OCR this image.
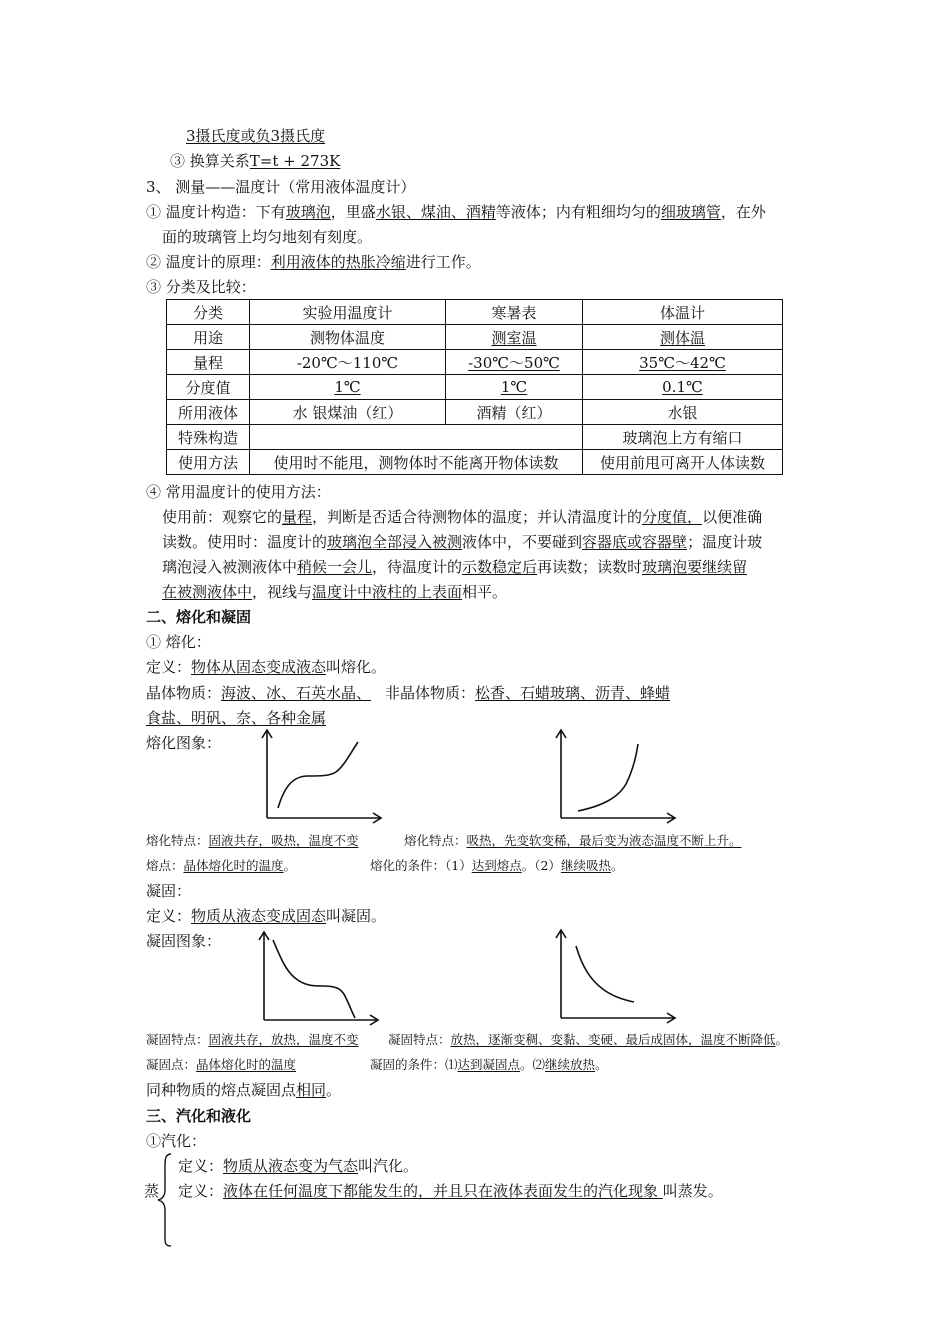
3摄氏度或负3摄氏度
③ 换算关系T=t + 273K
3、 测量——温度计（常用液体温度计）
① 温度计构造：下有玻璃泡，里盛水银、煤油、酒精等液体；内有粗细均匀的细玻璃管，在外
面的玻璃管上均匀地刻有刻度。
② 温度计的原理：利用液体的热胀冷缩进行工作。
③ 分类及比较：
分类	实验用温度计	寒暑表	体温计
用途	测物体温度	测室温	测体温
量程	-20℃～110℃	-30℃～50℃	35℃～42℃
分度值	1℃	1℃	0.1℃
所用液体	水 银煤油（红）	酒精（红）	水银
特殊构造			玻璃泡上方有缩口
使用方法	使用时不能甩，测物体时不能离开物体读数		使用前甩可离开人体读数
④ 常用温度计的使用方法：
使用前：观察它的量程，判断是否适合待测物体的温度；并认清温度计的分度值，以便准确
读数。使用时：温度计的玻璃泡全部浸入被测液体中，不要碰到容器底或容器壁；温度计玻
璃泡浸入被测液体中稍候一会儿，待温度计的示数稳定后再读数；读数时玻璃泡要继续留
在被测液体中，视线与温度计中液柱的上表面相平。
二、熔化和凝固
① 熔化：
定义：物体从固态变成液态叫熔化。
晶体物质：海波、冰、石英水晶、 非晶体物质：松香、石蜡玻璃、沥青、蜂蜡
食盐、明矾、奈、各种金属
熔化图象：
熔化特点：固液共存，吸热，温度不变	熔化特点：吸热，先变软变稀，最后变为液态温度不断上升。
熔点：晶体熔化时的温度。	熔化的条件：（1）达到熔点。（2）继续吸热。
凝固：
定义：物质从液态变成固态叫凝固。
凝固图象：
凝固特点：固液共存，放热，温度不变 凝固特点：放热，逐渐变稠、变黏、变硬、最后成固体，温度不断降低。
凝固点：晶体熔化时的温度	凝固的条件：⑴达到凝固点。⑵继续放热。
同种物质的熔点凝固点相同。
三、汽化和液化
①汽化：
蒸
定义：物质从液态变为气态叫汽化。
定义：液体在任何温度下都能发生的，并且只在液体表面发生的汽化现象 叫蒸发。
